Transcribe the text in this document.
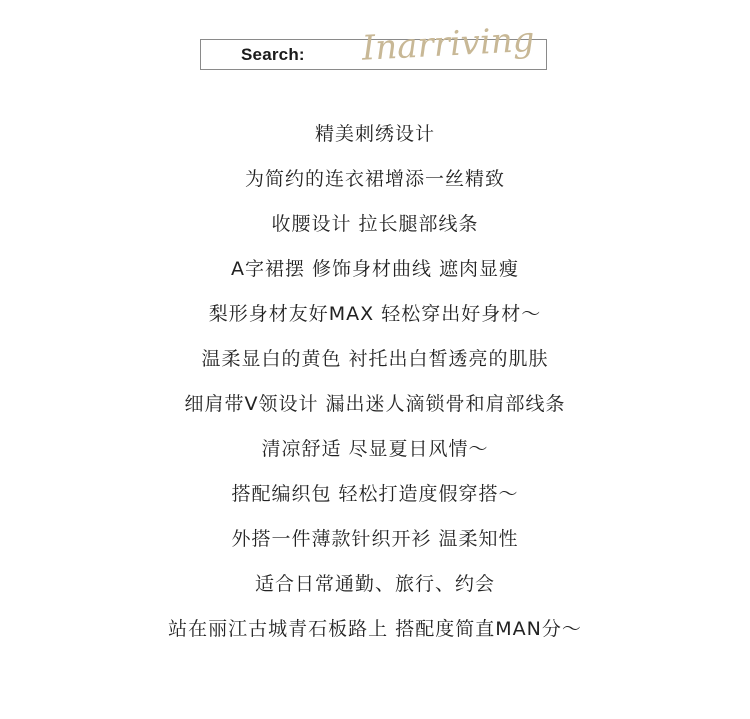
Search: Inarriving
精美刺绣设计
为简约的连衣裙增添一丝精致
收腰设计 拉长腿部线条
A字裙摆 修饰身材曲线 遮肉显瘦
梨形身材友好MAX 轻松穿出好身材～
温柔显白的黄色 衬托出白皙透亮的肌肤
细肩带V领设计 漏出迷人滴锁骨和肩部线条
清凉舒适 尽显夏日风情～
搭配编织包 轻松打造度假穿搭～
外搭一件薄款针织开衫 温柔知性
适合日常通勤、旅行、约会
站在丽江古城青石板路上 搭配度简直MAN分～
